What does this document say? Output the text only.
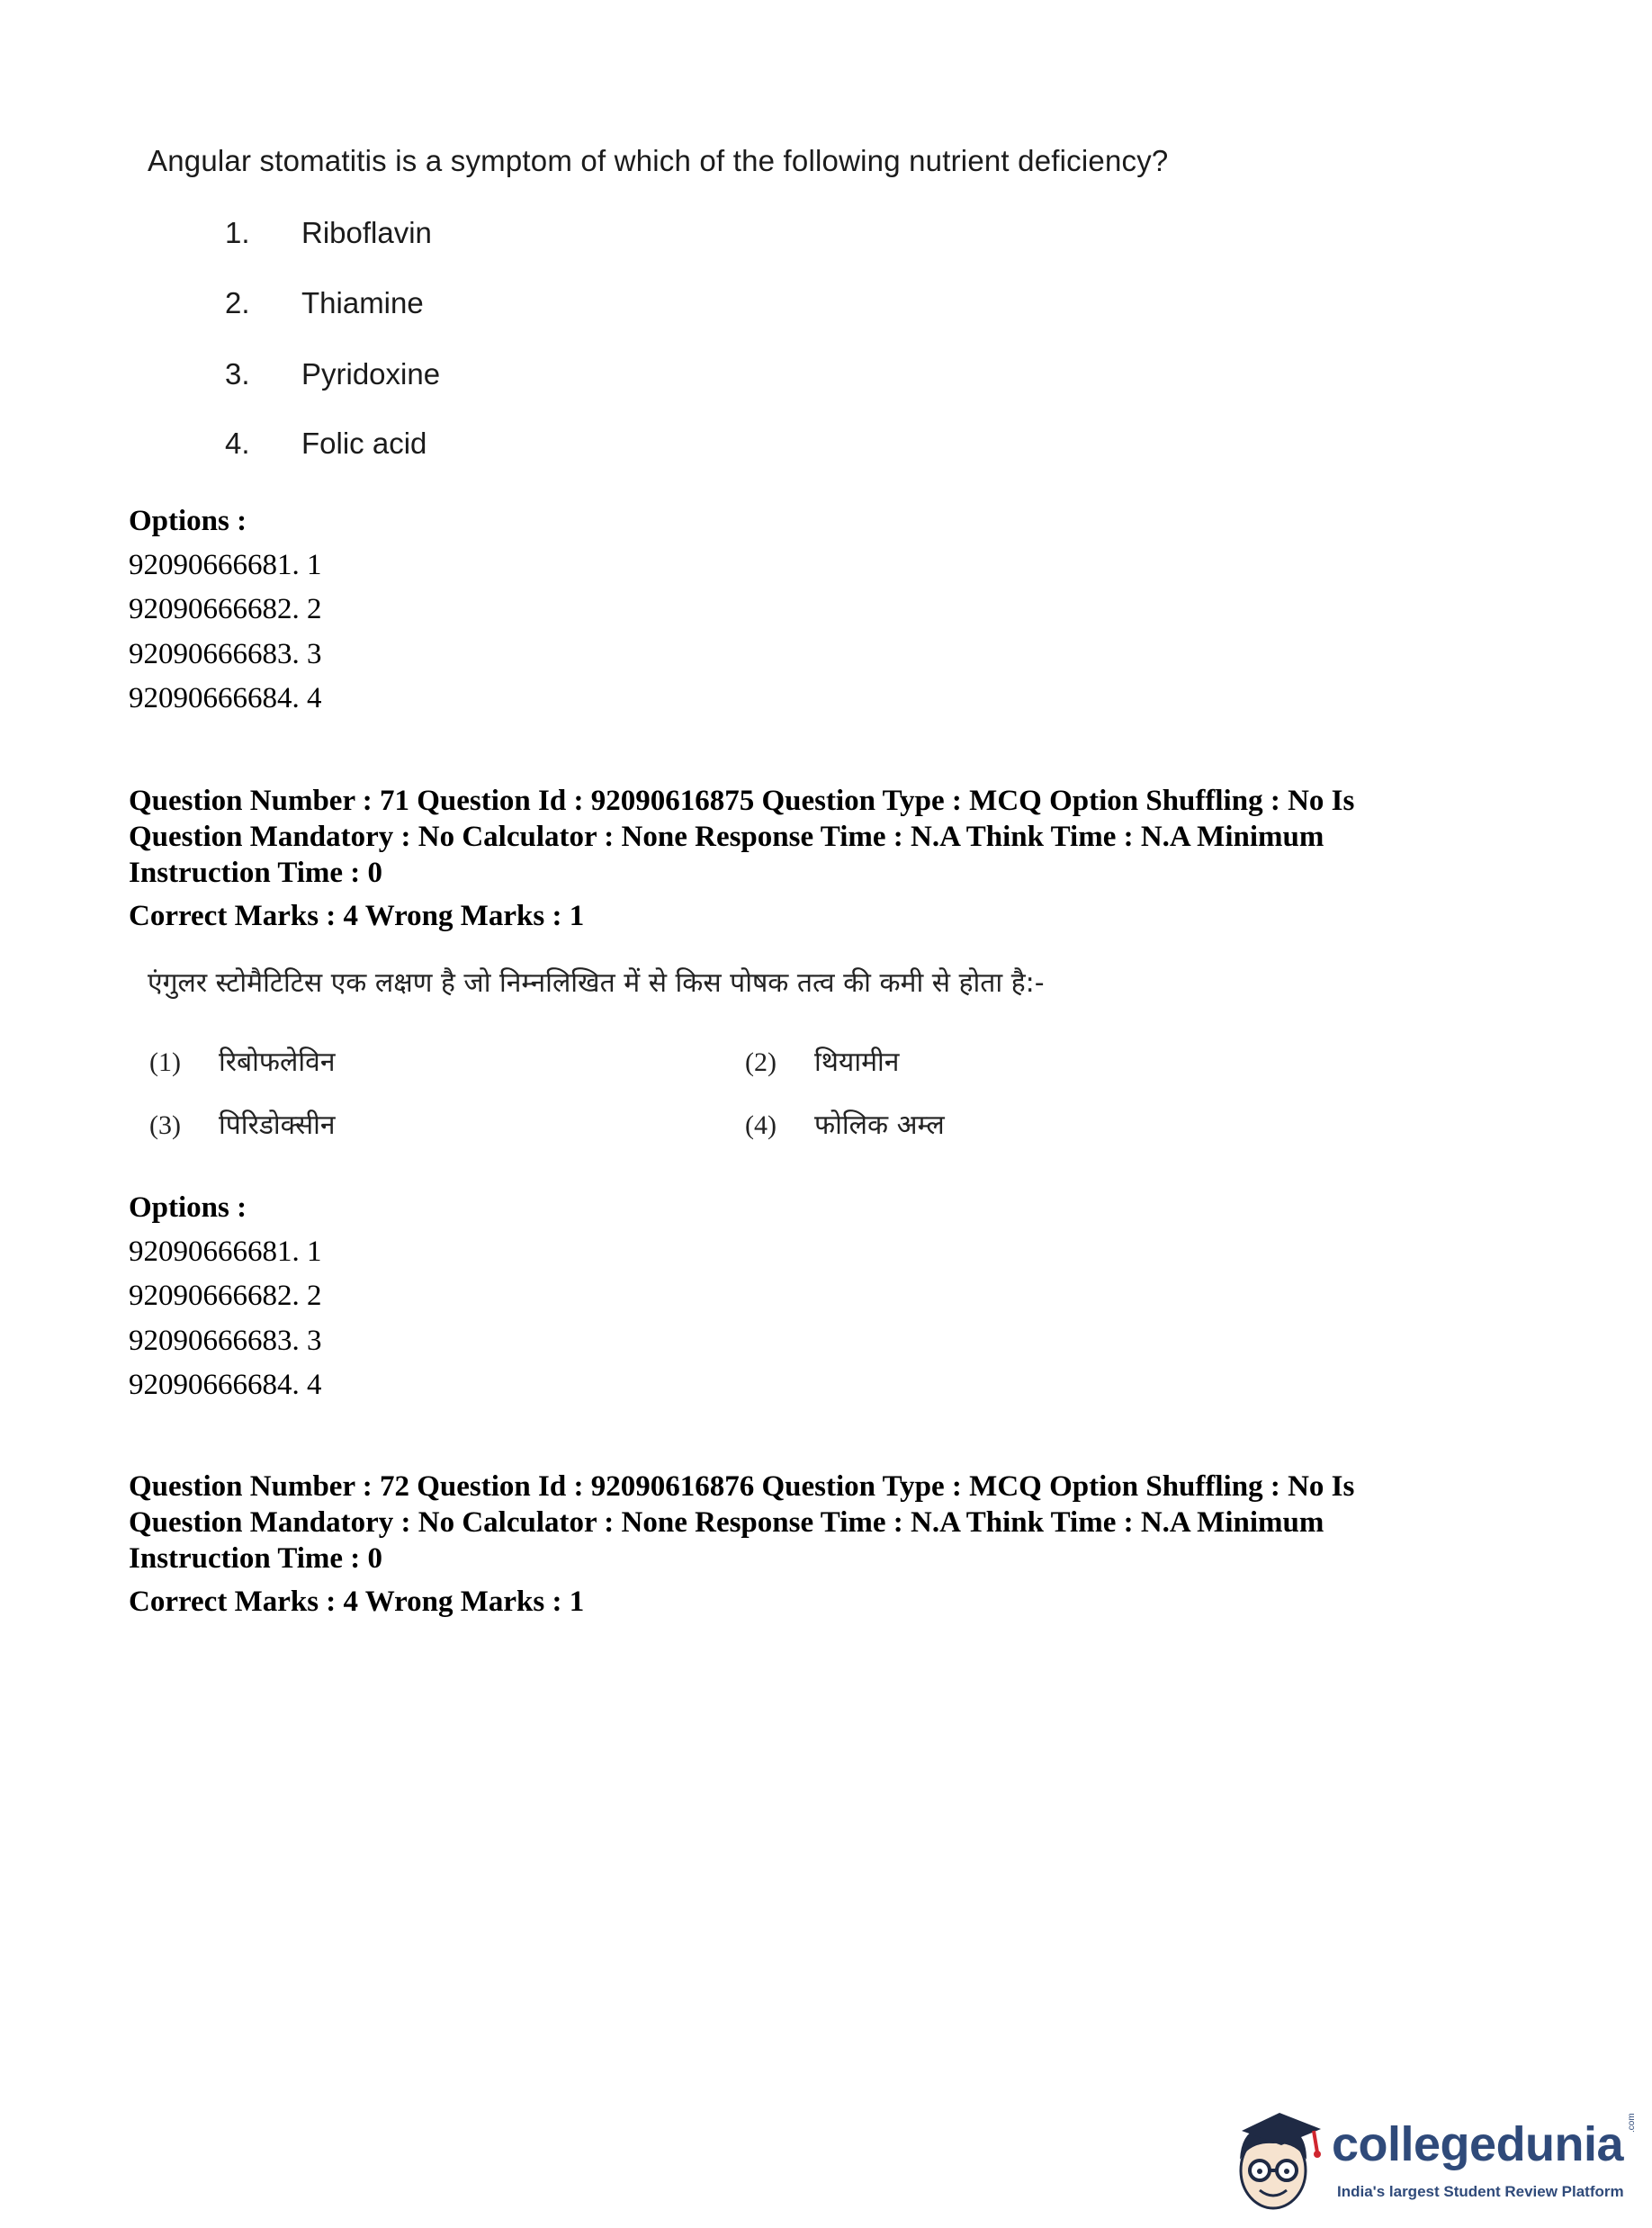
Angular stomatitis is a symptom of which of the following nutrient deficiency?
1. Riboflavin
2. Thiamine
3. Pyridoxine
4. Folic acid
Options :
92090666681. 1
92090666682. 2
92090666683. 3
92090666684. 4
Question Number : 71 Question Id : 92090616875 Question Type : MCQ Option Shuffling : No Is
Question Mandatory : No Calculator : None Response Time : N.A Think Time : N.A Minimum
Instruction Time : 0
Correct Marks : 4 Wrong Marks : 1
एंगुलर स्टोमैटिटिस एक लक्षण है जो निम्नलिखित में से किस पोषक तत्व की कमी से होता है:-
(1) रिबोफलेविन	(2) थियामीन
(3) पिरिडोक्सीन	(4) फोलिक अम्ल
Options :
92090666681. 1
92090666682. 2
92090666683. 3
92090666684. 4
Question Number : 72 Question Id : 92090616876 Question Type : MCQ Option Shuffling : No Is
Question Mandatory : No Calculator : None Response Time : N.A Think Time : N.A Minimum
Instruction Time : 0
Correct Marks : 4 Wrong Marks : 1
collegedunia .com
India's largest Student Review Platform
